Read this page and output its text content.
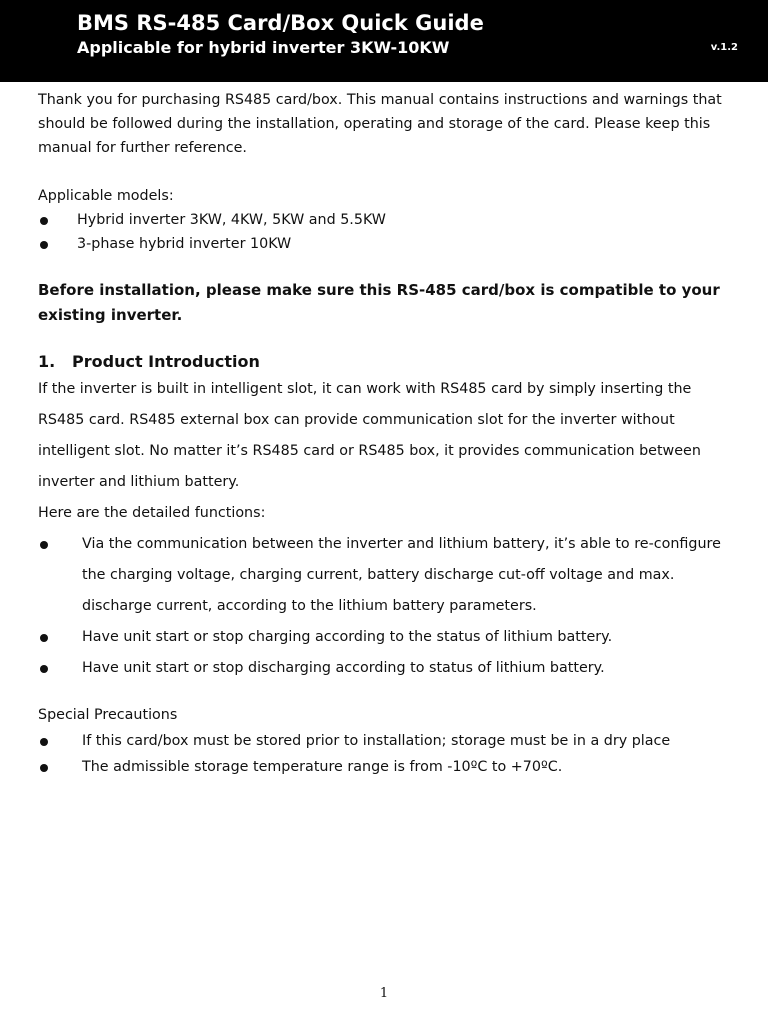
BMS RS-485 Card/Box Quick Guide
Applicable for hybrid inverter 3KW-10KW	v.1.2

Thank you for purchasing RS485 card/box. This manual contains instructions and warnings that should be followed during the installation, operating and storage of the card. Please keep this manual for further reference.

Applicable models:

Hybrid inverter 3KW, 4KW, 5KW and 5.5KW
3-phase hybrid inverter 10KW

Before installation, please make sure this RS-485 card/box is compatible to your existing inverter.

1. Product Introduction

If the inverter is built in intelligent slot, it can work with RS485 card by simply inserting the RS485 card. RS485 external box can provide communication slot for the inverter without intelligent slot. No matter it’s RS485 card or RS485 box, it provides communication between inverter and lithium battery.

Here are the detailed functions:

Via the communication between the inverter and lithium battery, it’s able to re-configure the charging voltage, charging current, battery discharge cut-off voltage and max. discharge current, according to the lithium battery parameters.
Have unit start or stop charging according to the status of lithium battery.
Have unit start or stop discharging according to status of lithium battery.

Special Precautions

If this card/box must be stored prior to installation; storage must be in a dry place
The admissible storage temperature range is from -10ºC to +70ºC.
1
